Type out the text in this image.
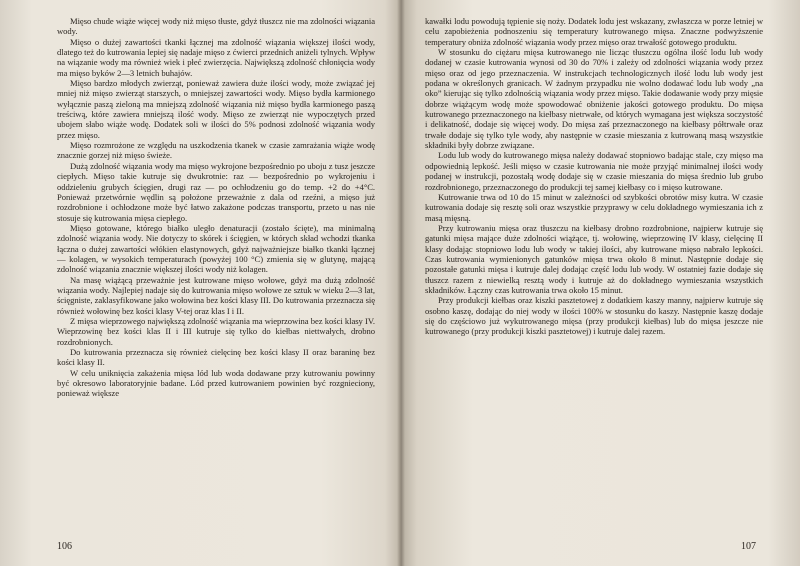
Mięso chude wiąże więcej wody niż mięso tłuste, gdyż tłuszcz nie ma zdolności wiązania wody.

Mięso o dużej zawartości tkanki łącznej ma zdolność wiązania większej ilości wody, dlatego też do kutrowania lepiej się nadaje mięso z ćwierci przednich aniżeli tylnych. Wpływ na wiązanie wody ma również wiek i płeć zwierzęcia. Największą zdolność chłonięcia wody ma mięso byków 2—3 letnich buhajów.

Mięso bardzo młodych zwierząt, ponieważ zawiera duże ilości wody, może związać jej mniej niż mięso zwierząt starszych, o mniejszej zawartości wody. Mięso bydła karmionego wyłącznie paszą zieloną ma mniejszą zdolność wiązania niż mięso bydła karmionego paszą treściwą, które zawiera mniejszą ilość wody. Mięso ze zwierząt nie wypoczętych przed ubojem słabo wiąże wodę. Dodatek soli w ilości do 5% podnosi zdolność wiązania wody przez mięso.

Mięso rozmrożone ze względu na uszkodzenia tkanek w czasie zamrażania wiąże wodę znacznie gorzej niż mięso świeże.

Dużą zdolność wiązania wody ma mięso wykrojone bezpośrednio po uboju z tusz jeszcze ciepłych. Mięso takie kutruje się dwukrotnie: raz — bezpośrednio po wykrojeniu i oddzieleniu grubych ścięgien, drugi raz — po ochłodzeniu go do temp. +2 do +4°C. Ponieważ przetwórnie wędlin są położone przeważnie z dala od rzeźni, a mięso już rozdrobnione i ochłodzone może być łatwo zakażone podczas transportu, przeto u nas nie stosuje się kutrowania mięsa ciepłego.

Mięso gotowane, którego białko uległo denaturacji (zostało ścięte), ma minimalną zdolność wiązania wody. Nie dotyczy to skórek i ścięgien, w których skład wchodzi tkanka łączna o dużej zawartości włókien elastynowych, gdyż najważniejsze białko tkanki łącznej — kolagen, w wysokich temperaturach (powyżej 100 °C) zmienia się w glutynę, mającą zdolność wiązania znacznie większej ilości wody niż kolagen.

Na masę wiążącą przeważnie jest kutrowane mięso wołowe, gdyż ma dużą zdolność wiązania wody. Najlepiej nadaje się do kutrowania mięso wołowe ze sztuk w wieku 2—3 lat, ścięgniste, zaklasyfikowane jako wołowina bez kości klasy III. Do kutrowania przeznacza się również wołowinę bez kości klasy V-tej oraz klas I i II.

Z mięsa wieprzowego największą zdolność wiązania ma wieprzowina bez kości klasy IV. Wieprzowinę bez kości klas II i III kutruje się tylko do kiełbas niettwałych, drobno rozdrobnionych.

Do kutrowania przeznacza się również cielęcinę bez kości klasy II oraz baraninę bez kości klasy II.

W celu uniknięcia zakażenia mięsa lód lub woda dodawane przy kutrowaniu powinny być okresowo laboratoryjnie badane. Lód przed kutrowaniem powinien być rozgnieciony, ponieważ większe

106

kawałki lodu powodują tępienie się noży. Dodatek lodu jest wskazany, zwłaszcza w porze letniej w celu zapobieżenia podnoszeniu się temperatury kutrowanego mięsa. Znaczne podwyższenie temperatury obniża zdolność wiązania wody przez mięso oraz trwałość gotowego produktu.

W stosunku do ciężaru mięsa kutrowanego nie licząc tłuszczu ogólna ilość lodu lub wody dodanej w czasie kutrowania wynosi od 30 do 70% i zależy od zdolności wiązania wody przez mięso oraz od jego przeznaczenia. W instrukcjach technologicznych ilość lodu lub wody jest podana w określonych granicach. W żadnym przypadku nie wolno dodawać lodu lub wody „na oko” kierując się tylko zdolnością wiązania wody przez mięso. Takie dodawanie wody przy mięsie dobrze wiążącym wodę może spowodować obniżenie jakości gotowego produktu. Do mięsa kutrowanego przeznaczonego na kiełbasy nietrwałe, od których wymagana jest większa soczystość i delikatność, dodaje się więcej wody. Do mięsa zaś przeznaczonego na kiełbasy półtrwałe oraz trwałe dodaje się tylko tyle wody, aby następnie w czasie mieszania z kutrowaną masą wszystkie składniki były dobrze związane.

Lodu lub wody do kutrowanego mięsa należy dodawać stopniowo badając stale, czy mięso ma odpowiednią lepkość. Jeśli mięso w czasie kutrowania nie może przyjąć minimalnej ilości wody podanej w instrukcji, pozostałą wodę dodaje się w czasie mieszania do mięsa średnio lub grubo rozdrobnionego, przeznaczonego do produkcji tej samej kiełbasy co i mięso kutrowane.

Kutrowanie trwa od 10 do 15 minut w zależności od szybkości obrotów misy kutra. W czasie kutrowania dodaje się resztę soli oraz wszystkie przyprawy w celu dokładnego wymieszania ich z masą mięsną.

Przy kutrowaniu mięsa oraz tłuszczu na kiełbasy drobno rozdrobnione, najpierw kutruje się gatunki mięsa mające duże zdolności wiążące, tj. wołowinę, wieprzowinę IV klasy, cielęcinę II klasy dodając stopniowo lodu lub wody w takiej ilości, aby kutrowane mięso nabrało lepkości. Czas kutrowania wymienionych gatunków mięsa trwa około 8 minut. Następnie dodaje się pozostałe gatunki mięsa i kutruje dalej dodając część lodu lub wody. W ostatniej fazie dodaje się tłuszcz razem z niewielką resztą wody i kutruje aż do dokładnego wymieszania wszystkich składników. Łączny czas kutrowania trwa około 15 minut.

Przy produkcji kiełbas oraz kiszki pasztetowej z dodatkiem kaszy manny, najpierw kutruje się osobno kaszę, dodając do niej wody w ilości 100% w stosunku do kaszy. Następnie kaszę dodaje się do częściowo już wykutrowanego mięsa (przy produkcji kiełbas) lub do mięsa jeszcze nie kutrowanego (przy produkcji kiszki pasztetowej) i kutruje dalej razem.

107
